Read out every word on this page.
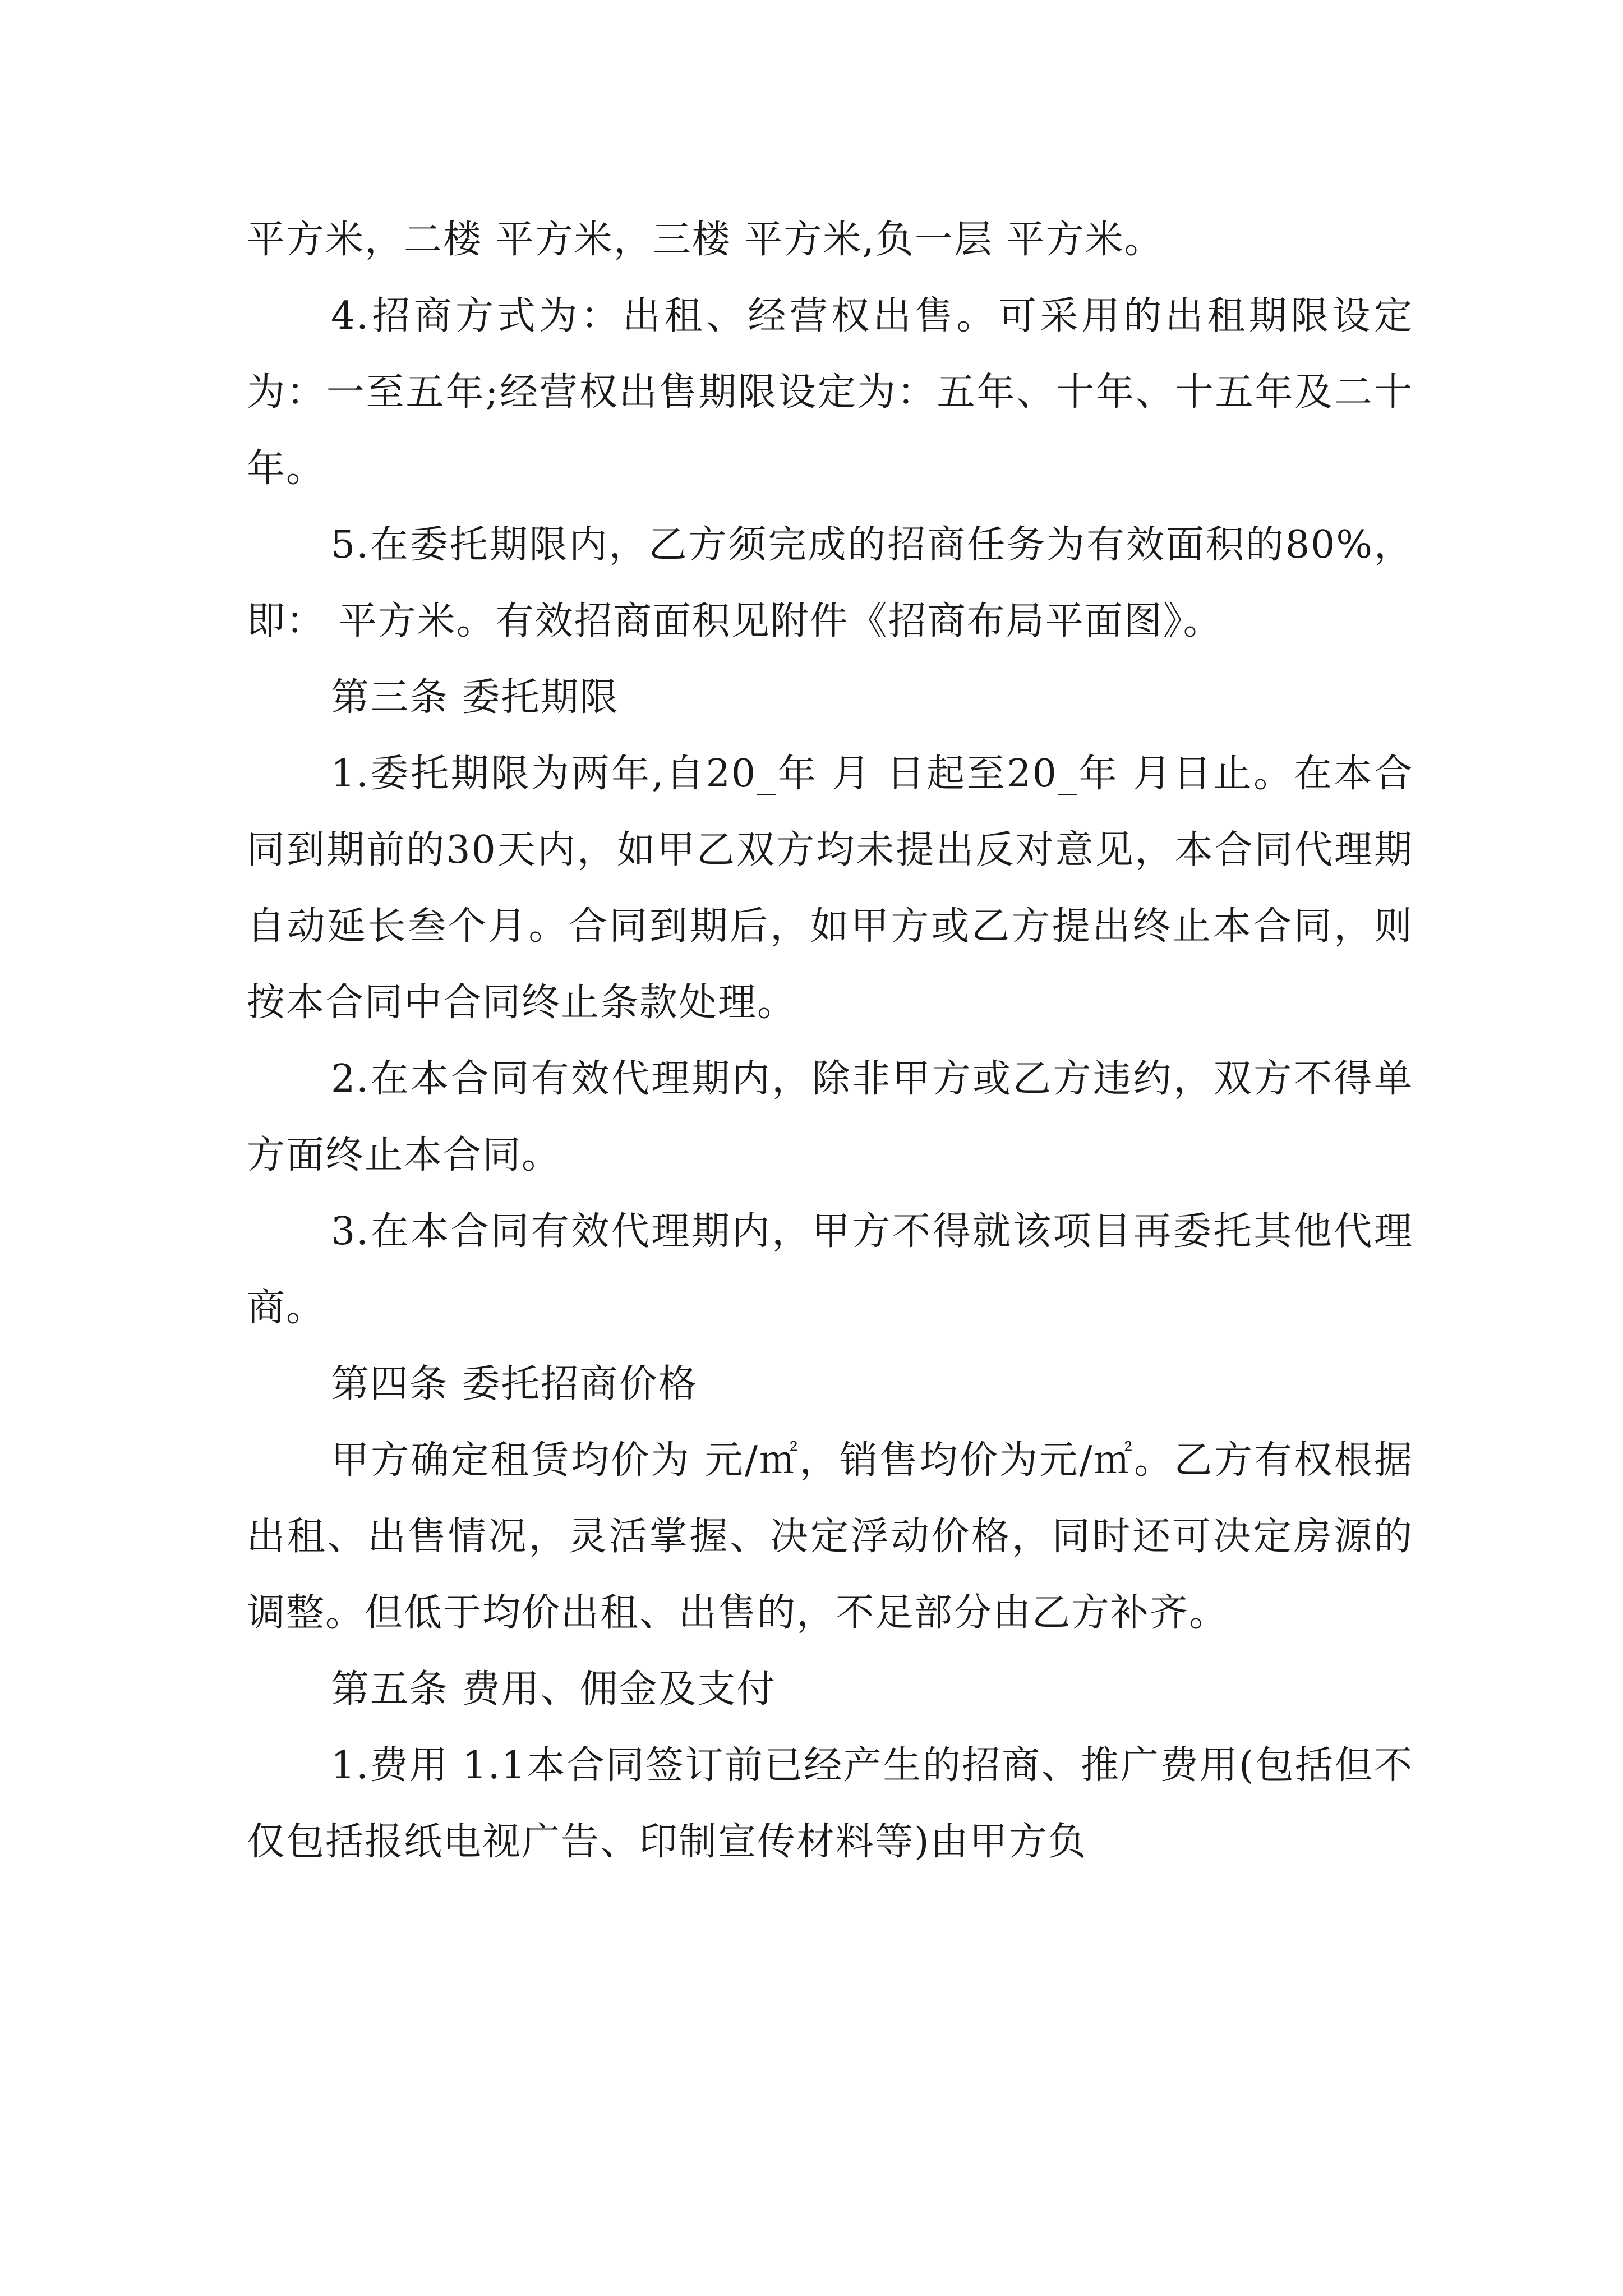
平方米，二楼 平方米，三楼 平方米,负一层 平方米。

4.招商方式为：出租、经营权出售。可采用的出租期限设定为：一至五年;经营权出售期限设定为：五年、十年、十五年及二十年。

5.在委托期限内，乙方须完成的招商任务为有效面积的80%，即： 平方米。有效招商面积见附件《招商布局平面图》。

第三条 委托期限

1.委托期限为两年,自20_年 月 日起至20_年 月日止。在本合同到期前的30天内，如甲乙双方均未提出反对意见，本合同代理期自动延长叁个月。合同到期后，如甲方或乙方提出终止本合同，则按本合同中合同终止条款处理。

2.在本合同有效代理期内，除非甲方或乙方违约，双方不得单方面终止本合同。

3.在本合同有效代理期内，甲方不得就该项目再委托其他代理商。

第四条 委托招商价格

甲方确定租赁均价为 元/㎡，销售均价为元/㎡。乙方有权根据出租、出售情况，灵活掌握、决定浮动价格，同时还可决定房源的调整。但低于均价出租、出售的，不足部分由乙方补齐。

第五条 费用、佣金及支付

1.费用 1.1本合同签订前已经产生的招商、推广费用(包括但不仅包括报纸电视广告、印制宣传材料等)由甲方负
